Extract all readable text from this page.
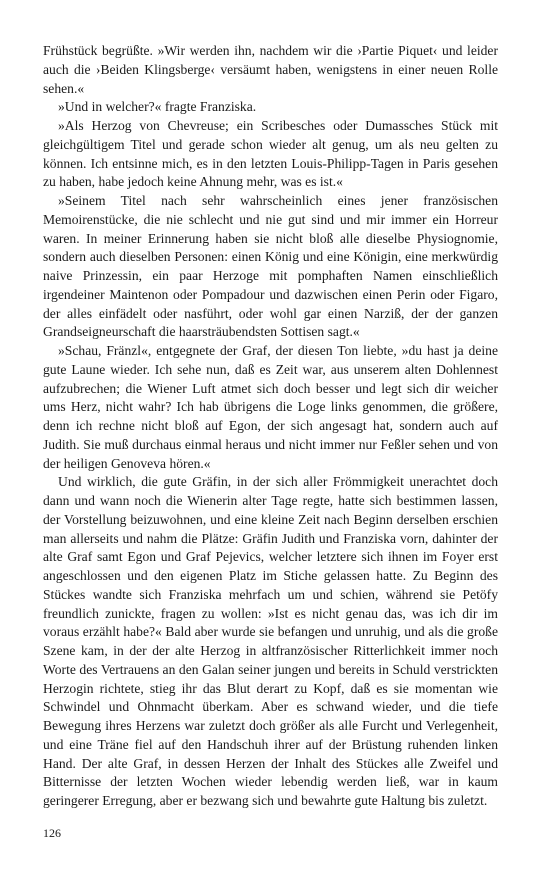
Frühstück begrüßte. »Wir werden ihn, nachdem wir die ›Partie Piquet‹ und leider auch die ›Beiden Klingsberge‹ versäumt haben, wenigstens in einer neuen Rolle sehen.«

»Und in welcher?« fragte Franziska.

»Als Herzog von Chevreuse; ein Scribesches oder Dumassches Stück mit gleichgültigem Titel und gerade schon wieder alt genug, um als neu gelten zu können. Ich entsinne mich, es in den letzten Louis-Philipp-Tagen in Paris gesehen zu haben, habe jedoch keine Ahnung mehr, was es ist.«

»Seinem Titel nach sehr wahrscheinlich eines jener französischen Memoirenstücke, die nie schlecht und nie gut sind und mir immer ein Horreur waren. In meiner Erinnerung haben sie nicht bloß alle dieselbe Physiognomie, sondern auch dieselben Personen: einen König und eine Königin, eine merkwürdig naive Prinzessin, ein paar Herzoge mit pomphaften Namen einschließlich irgendeiner Maintenon oder Pompadour und dazwischen einen Perin oder Figaro, der alles einfädelt oder nasführt, oder wohl gar einen Narziß, der der ganzen Grandseigneurschaft die haarsträubendsten Sottisen sagt.«

»Schau, Fränzl«, entgegnete der Graf, der diesen Ton liebte, »du hast ja deine gute Laune wieder. Ich sehe nun, daß es Zeit war, aus unserem alten Dohlennest aufzubrechen; die Wiener Luft atmet sich doch besser und legt sich dir weicher ums Herz, nicht wahr? Ich hab übrigens die Loge links genommen, die größere, denn ich rechne nicht bloß auf Egon, der sich angesagt hat, sondern auch auf Judith. Sie muß durchaus einmal heraus und nicht immer nur Feßler sehen und von der heiligen Genoveva hören.«

Und wirklich, die gute Gräfin, in der sich aller Frömmigkeit unerachtet doch dann und wann noch die Wienerin alter Tage regte, hatte sich bestimmen lassen, der Vorstellung beizuwohnen, und eine kleine Zeit nach Beginn derselben erschien man allerseits und nahm die Plätze: Gräfin Judith und Franziska vorn, dahinter der alte Graf samt Egon und Graf Pejevics, welcher letztere sich ihnen im Foyer erst angeschlossen und den eigenen Platz im Stiche gelassen hatte. Zu Beginn des Stückes wandte sich Franziska mehrfach um und schien, während sie Petöfy freundlich zunickte, fragen zu wollen: »Ist es nicht genau das, was ich dir im voraus erzählt habe?« Bald aber wurde sie befangen und unruhig, und als die große Szene kam, in der der alte Herzog in altfranzösischer Ritterlichkeit immer noch Worte des Vertrauens an den Galan seiner jungen und bereits in Schuld verstrickten Herzogin richtete, stieg ihr das Blut derart zu Kopf, daß es sie momentan wie Schwindel und Ohnmacht überkam. Aber es schwand wieder, und die tiefe Bewegung ihres Herzens war zuletzt doch größer als alle Furcht und Verlegenheit, und eine Träne fiel auf den Handschuh ihrer auf der Brüstung ruhenden linken Hand. Der alte Graf, in dessen Herzen der Inhalt des Stückes alle Zweifel und Bitternisse der letzten Wochen wieder lebendig werden ließ, war in kaum geringerer Erregung, aber er bezwang sich und bewahrte gute Haltung bis zuletzt.

126
